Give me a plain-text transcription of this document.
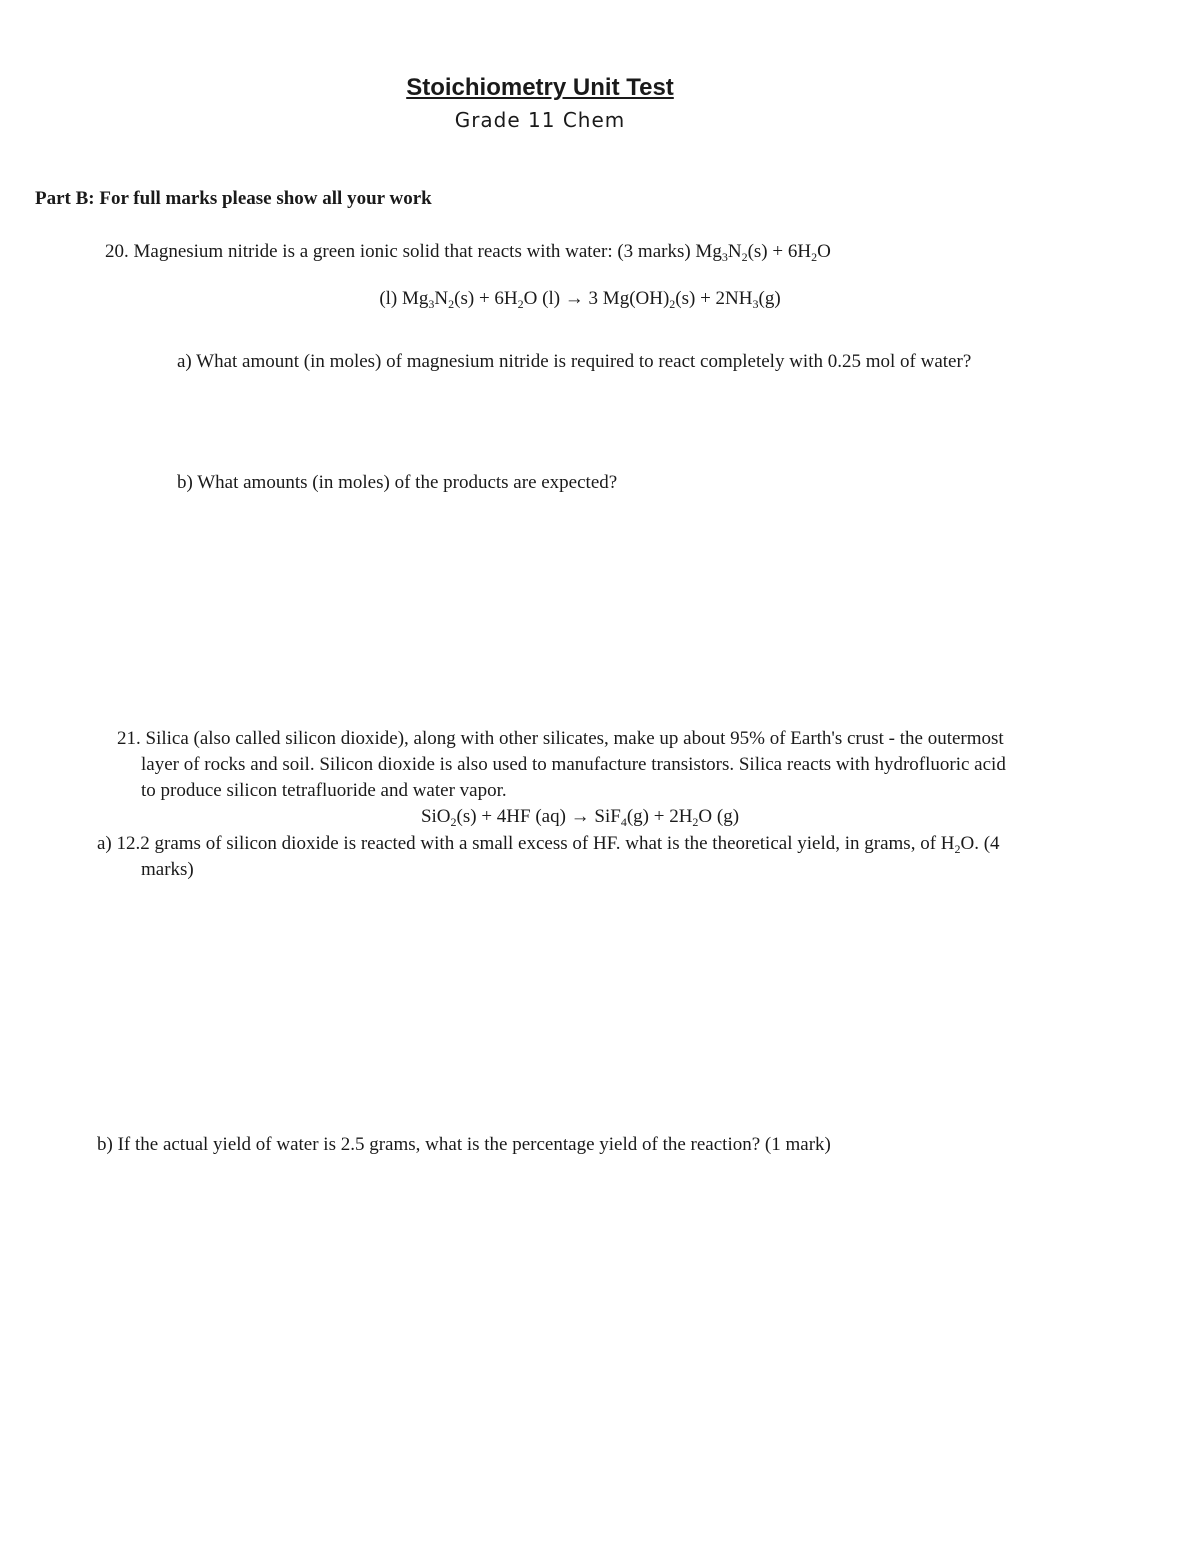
Stoichiometry Unit Test
Grade 11 Chem
Part B: For full marks please show all your work
20. Magnesium nitride is a green ionic solid that reacts with water: (3 marks) $Mg_3N_2(s) + 6H_2O$
(l) $Mg_3N_2(s) + 6H_2O$ (l) → 3 $Mg(OH)_2(s) + 2NH_3(g)$
a) What amount (in moles) of magnesium nitride is required to react completely with 0.25 mol of water?
b) What amounts (in moles) of the products are expected?
21. Silica (also called silicon dioxide), along with other silicates, make up about 95% of Earth's crust - the outermost
layer of rocks and soil. Silicon dioxide is also used to manufacture transistors. Silica reacts with hydrofluoric acid
to produce silicon tetrafluoride and water vapor.
SiO$_2$(s) + 4HF $(aq) \to SiF_4(g) + 2H_2O$ (g)
a) 12.2 grams of silicon dioxide is reacted with a small excess of HF. what is the theoretical yield, in grams, of $H_2O$. (4
marks)
b) If the actual yield of water is 2.5 grams, what is the percentage yield of the reaction? (1 mark)
